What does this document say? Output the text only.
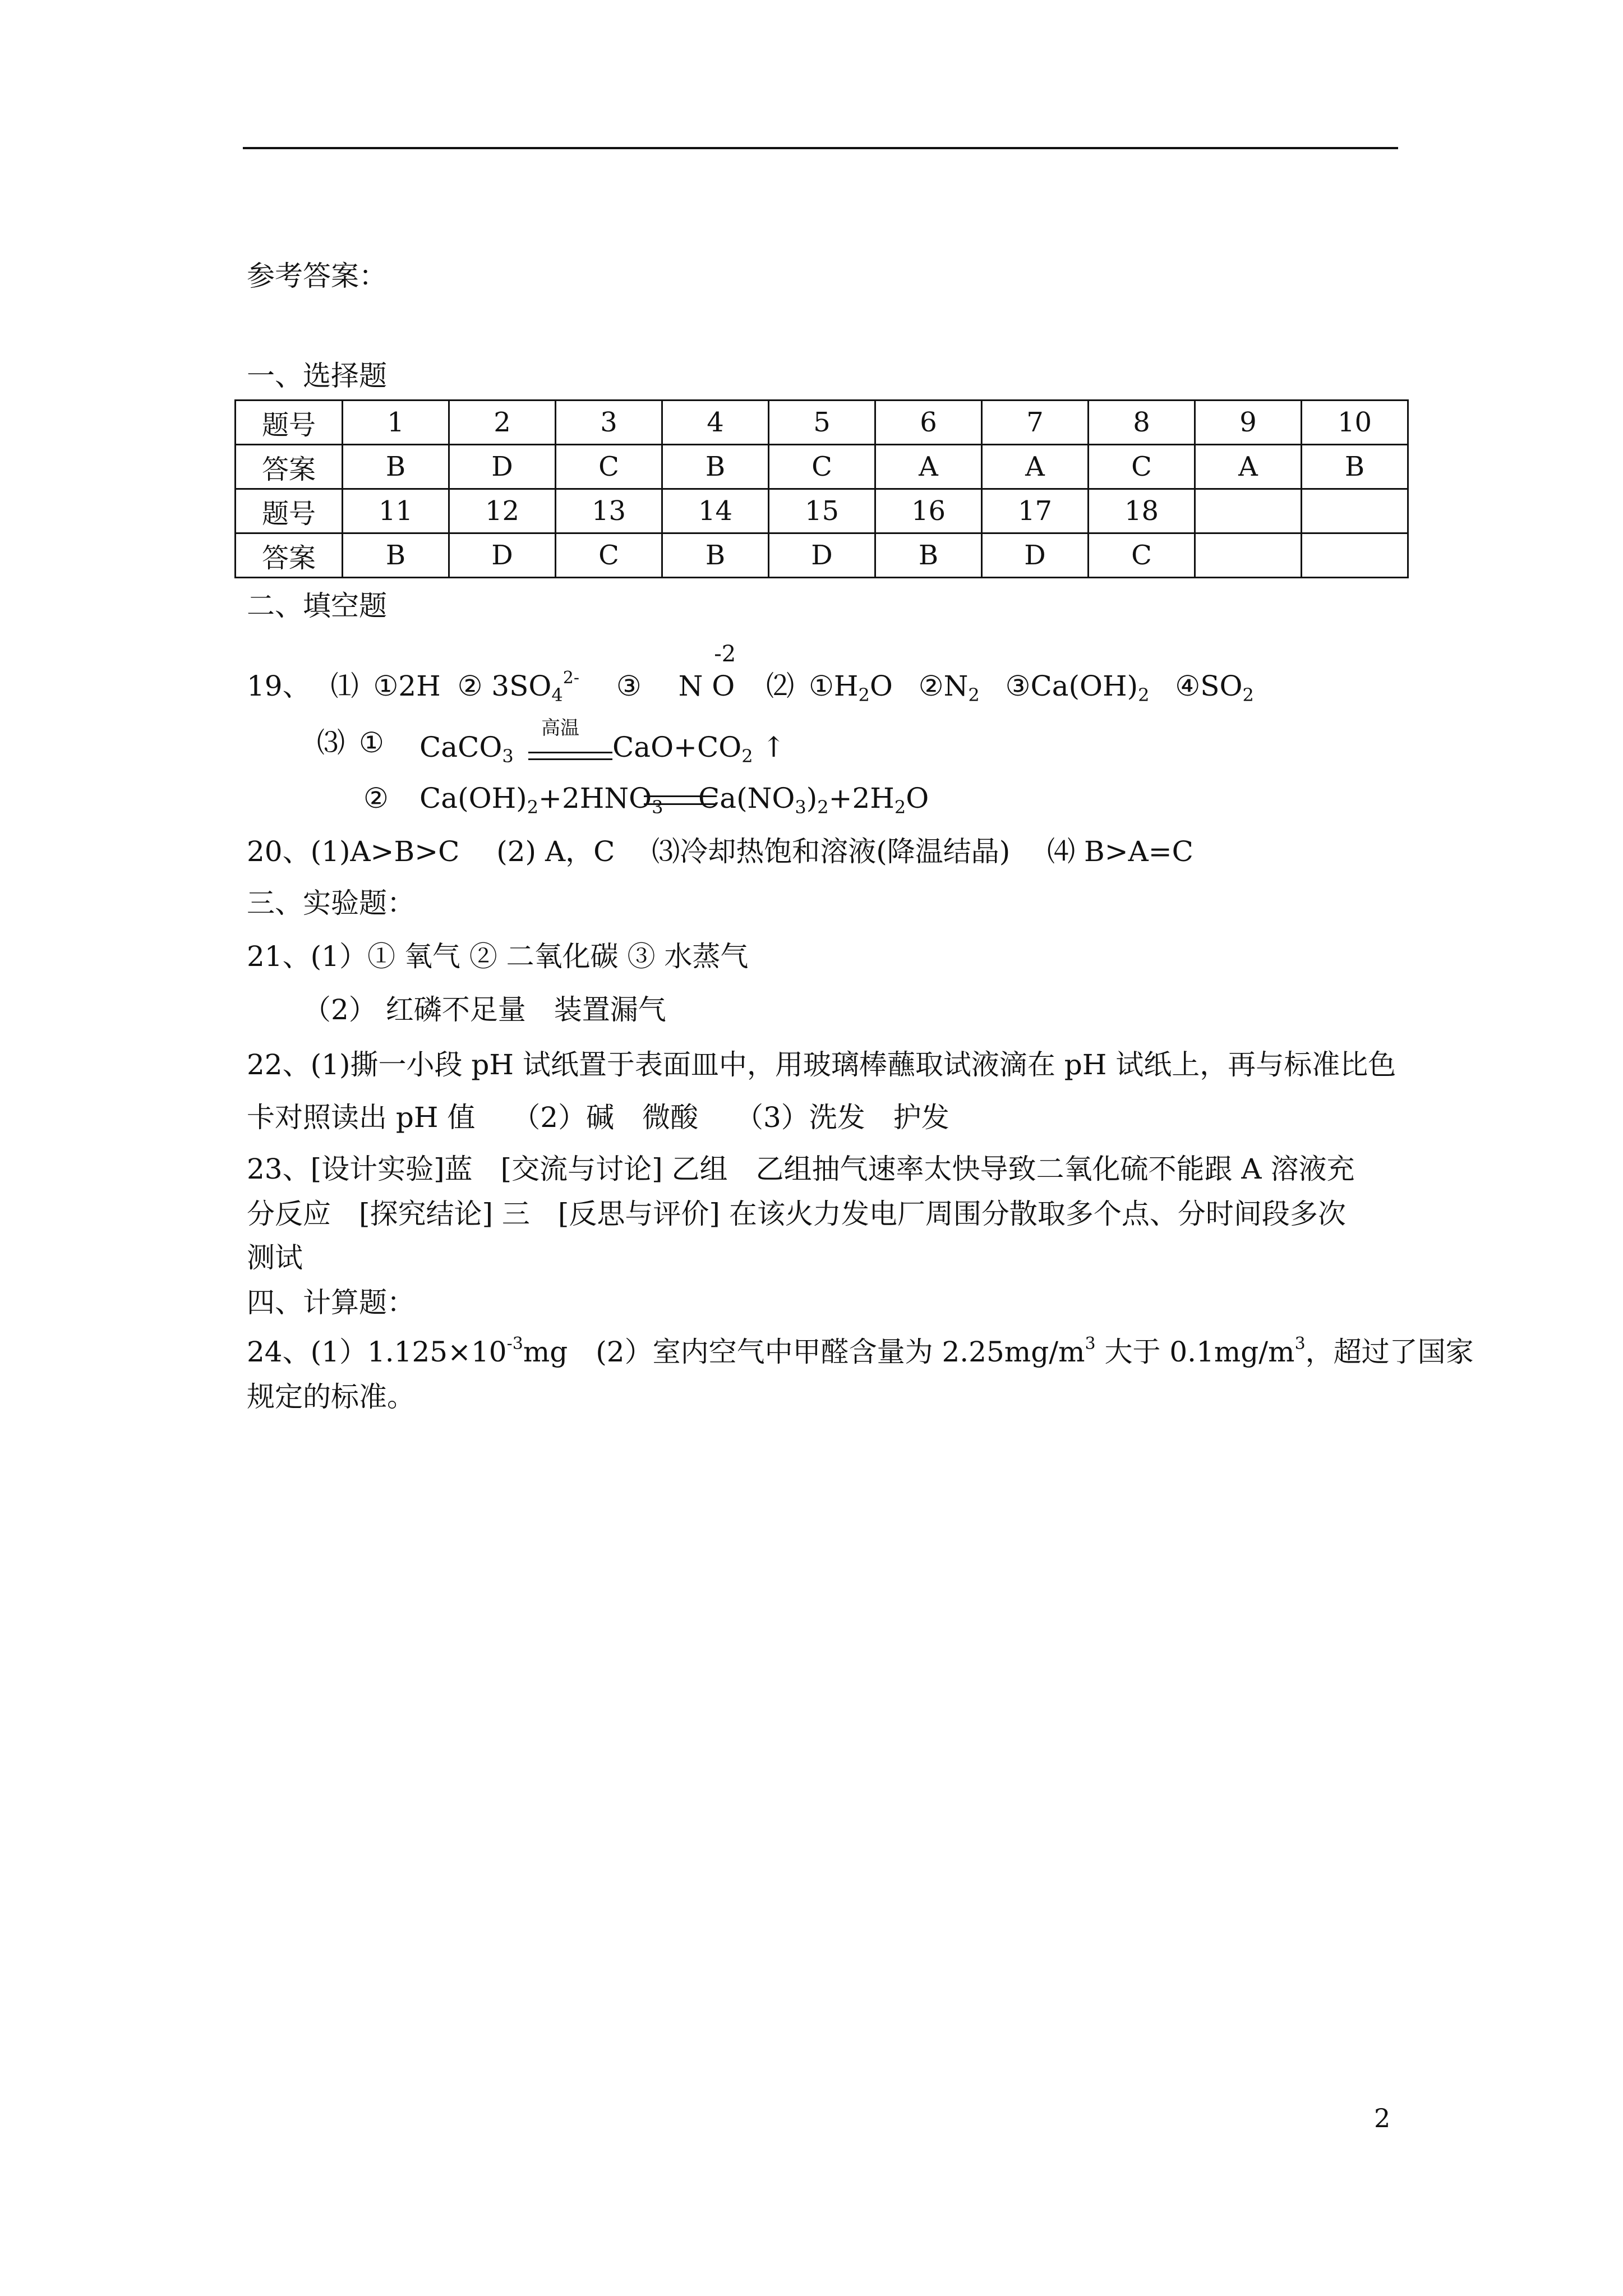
参考答案：
一、选择题
题号	1	2	3	4	5	6	7	8	9	10
答案	B	D	C	B	C	A	A	C	A	B
题号	11	12	13	14	15	16	17	18		
答案	B	D	C	B	D	B	D	C		
二、填空题
19、 ⑴ ①2H ② $3SO_4^{2-}$ ③ N O
-2
⑵ $①H_2O$ $②N_2$ $③Ca(OH)_2$ $④SO_2$
⑶ ① CaCO$_3$
高温
$CaO+CO_2$ ↑
② $Ca(OH)_2+2HNO_3$ $Ca(NO_3)_2+2H_2O$
20、(1)A>B>C　 (2) A，C　 ⑶冷却热饱和溶液(降温结晶)　 ⑷ B>A=C
三、实验题：
21、(1）① 氧气 ② 二氧化碳 ③ 水蒸气
（2） 红磷不足量　装置漏气
22、(1)撕一小段 pH 试纸置于表面皿中，用玻璃棒蘸取试液滴在 pH 试纸上，再与标准比色
卡对照读出 pH 值　 （2）碱　微酸　 （3）洗发　护发
23、[设计实验]蓝　[交流与讨论] 乙组　乙组抽气速率太快导致二氧化硫不能跟 A 溶液充
分反应　[探究结论] 三　[反思与评价] 在该火力发电厂周围分散取多个点、分时间段多次
测试
四、计算题：
24、$(1)1.125\times 10^{-3}mg$　(2）室内空气中甲醛含量为 $2.25mg/m^3$ 大于 $0.1mg/m^3$，超过了国家
规定的标准。
2
